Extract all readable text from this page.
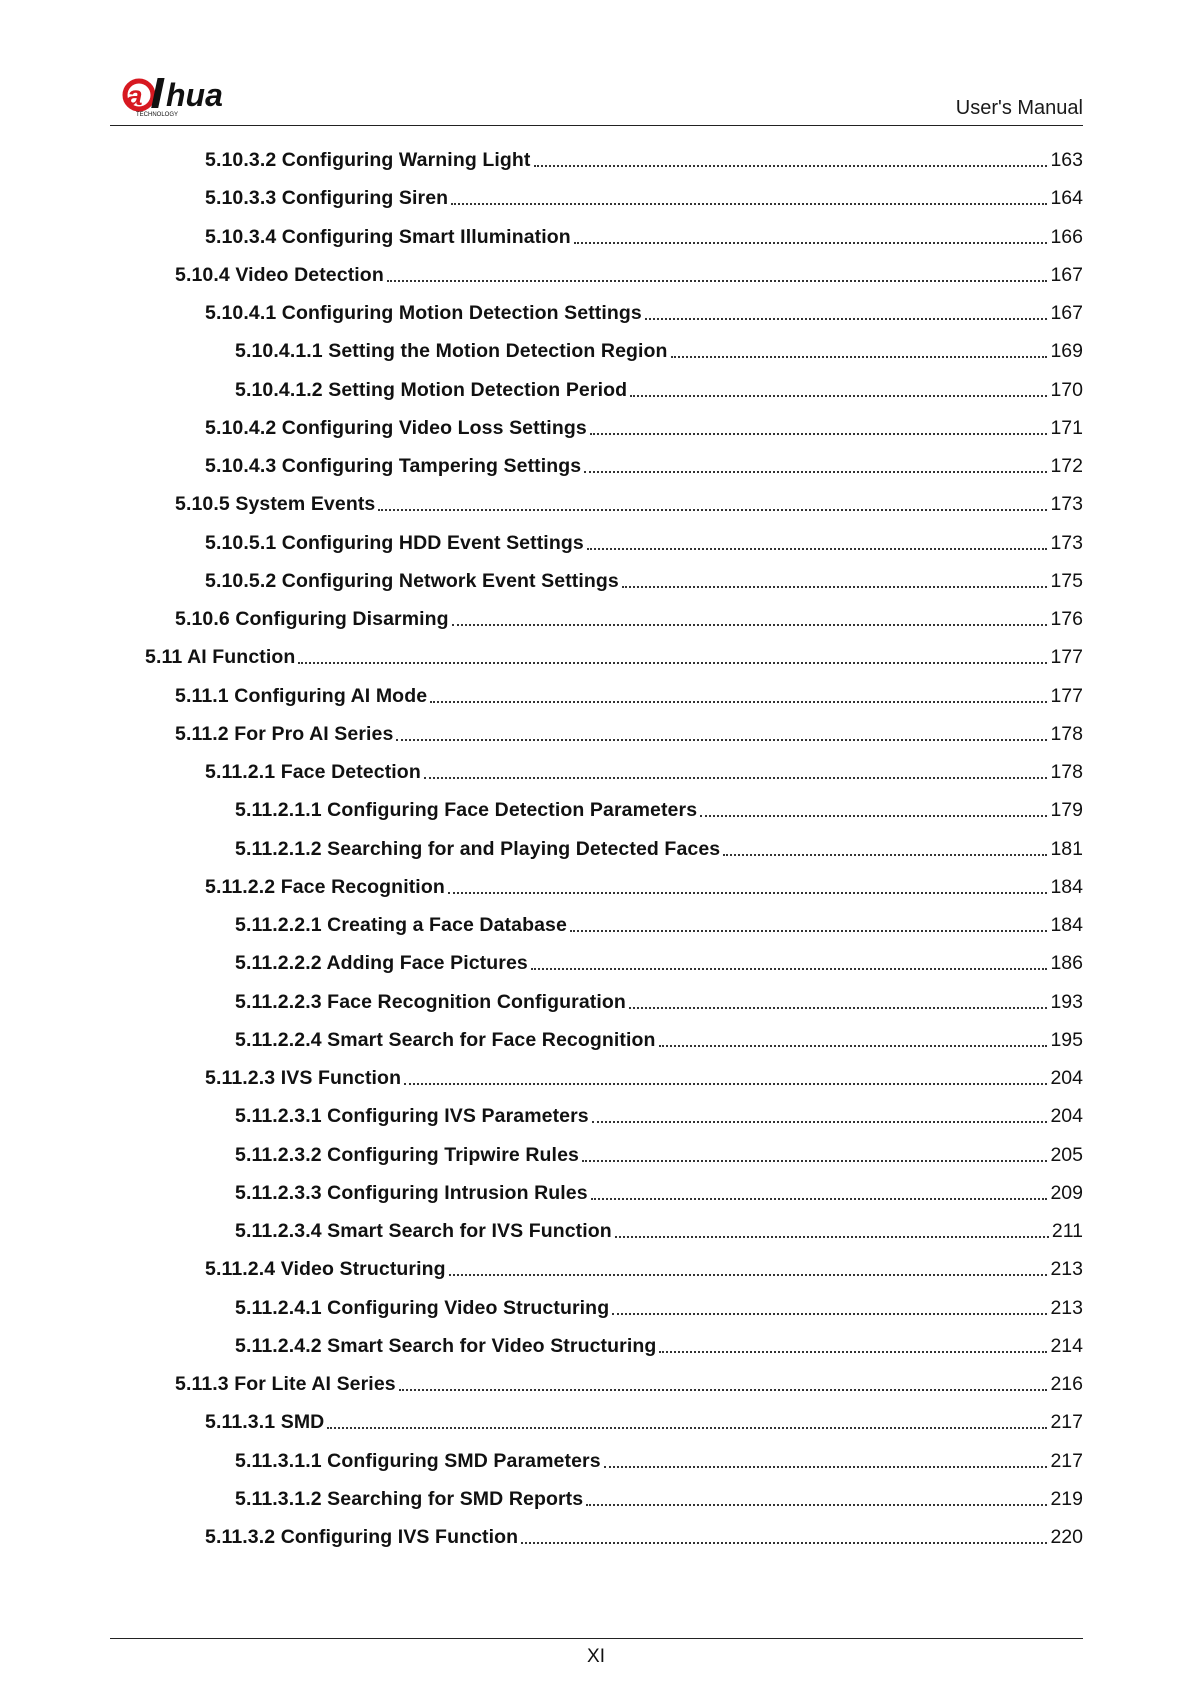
a hua
TECHNOLOGY	User's Manual
5.10.3.2 Configuring Warning Light	163
5.10.3.3 Configuring Siren	164
5.10.3.4 Configuring Smart Illumination	166
5.10.4 Video Detection	167
5.10.4.1 Configuring Motion Detection Settings	167
5.10.4.1.1 Setting the Motion Detection Region	169
5.10.4.1.2 Setting Motion Detection Period	170
5.10.4.2 Configuring Video Loss Settings	171
5.10.4.3 Configuring Tampering Settings	172
5.10.5 System Events	173
5.10.5.1 Configuring HDD Event Settings	173
5.10.5.2 Configuring Network Event Settings	175
5.10.6 Configuring Disarming	176
5.11 AI Function	177
5.11.1 Configuring AI Mode	177
5.11.2 For Pro AI Series	178
5.11.2.1 Face Detection	178
5.11.2.1.1 Configuring Face Detection Parameters	179
5.11.2.1.2 Searching for and Playing Detected Faces	181
5.11.2.2 Face Recognition	184
5.11.2.2.1 Creating a Face Database	184
5.11.2.2.2 Adding Face Pictures	186
5.11.2.2.3 Face Recognition Configuration	193
5.11.2.2.4 Smart Search for Face Recognition	195
5.11.2.3 IVS Function	204
5.11.2.3.1 Configuring IVS Parameters	204
5.11.2.3.2 Configuring Tripwire Rules	205
5.11.2.3.3 Configuring Intrusion Rules	209
5.11.2.3.4 Smart Search for IVS Function	211
5.11.2.4 Video Structuring	213
5.11.2.4.1 Configuring Video Structuring	213
5.11.2.4.2 Smart Search for Video Structuring	214
5.11.3 For Lite AI Series	216
5.11.3.1 SMD	217
5.11.3.1.1 Configuring SMD Parameters	217
5.11.3.1.2 Searching for SMD Reports	219
5.11.3.2 Configuring IVS Function	220
XI
